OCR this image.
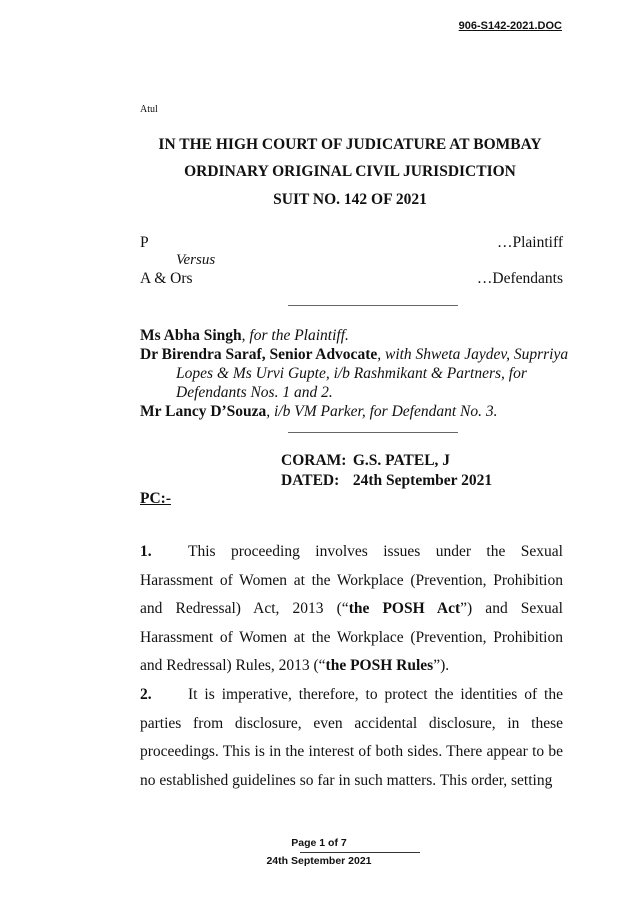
906-S142-2021.DOC
Atul
IN THE HIGH COURT OF JUDICATURE AT BOMBAY
ORDINARY ORIGINAL CIVIL JURISDICTION
SUIT NO. 142 OF 2021
P	…Plaintiff
Versus
A & Ors	…Defendants
Ms Abha Singh, for the Plaintiff.
Dr Birendra Saraf, Senior Advocate, with Shweta Jaydev, Suprriya
Lopes & Ms Urvi Gupte, i/b Rashmikant & Partners, for
Defendants Nos. 1 and 2.
Mr Lancy D’Souza, i/b VM Parker, for Defendant No. 3.
CORAM: G.S. PATEL, J
DATED: 24th September 2021
PC:-
1. This proceeding involves issues under the Sexual Harassment of Women at the Workplace (Prevention, Prohibition and Redressal) Act, 2013 (“the POSH Act”) and Sexual Harassment of Women at the Workplace (Prevention, Prohibition and Redressal) Rules, 2013 (“the POSH Rules”).
2. It is imperative, therefore, to protect the identities of the parties from disclosure, even accidental disclosure, in these proceedings. This is in the interest of both sides. There appear to be no established guidelines so far in such matters. This order, setting
Page 1 of 7
24th September 2021
